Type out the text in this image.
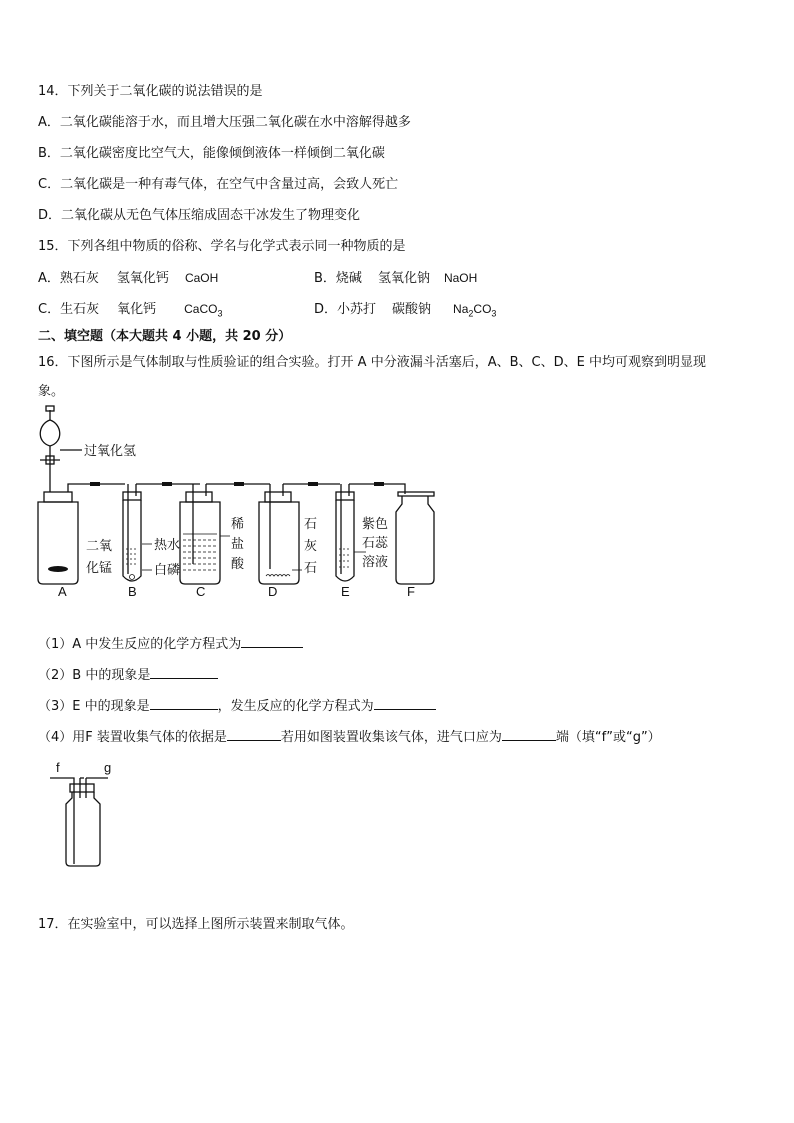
14．下列关于二氧化碳的说法错误的是
A．二氧化碳能溶于水，而且增大压强二氧化碳在水中溶解得越多
B．二氧化碳密度比空气大，能像倾倒液体一样倾倒二氧化碳
C．二氧化碳是一种有毒气体，在空气中含量过高，会致人死亡
D．二氧化碳从无色气体压缩成固态干冰发生了物理变化
15．下列各组中物质的俗称、学名与化学式表示同一种物质的是
A．熟石灰 氢氧化钙 CaOH	B．烧碱 氢氧化钠 NaOH
C．生石灰 氧化钙 CaCO$_3$	D．小苏打 碳酸钠 $Na_2CO_3$
二、填空题（本大题共 4 小题，共 20 分）
16．下图所示是气体制取与性质验证的组合实验。打开 A 中分液漏斗活塞后，A、B、C、D、E 中均可观察到明显现
象。
过氧化氢
二氧
化锰
热水
白磷
稀
盐
酸
石
灰
石
紫色
石蕊
溶液
A	B	C	D	E	F
（1）A 中发生反应的化学方程式为
（2）B 中的现象是
（3）E 中的现象是	，发生反应的化学方程式为
（4）用F 装置收集气体的依据是	若用如图装置收集该气体，进气口应为	端（填“f”或“g”）
f	g
17．在实验室中，可以选择上图所示装置来制取气体。
